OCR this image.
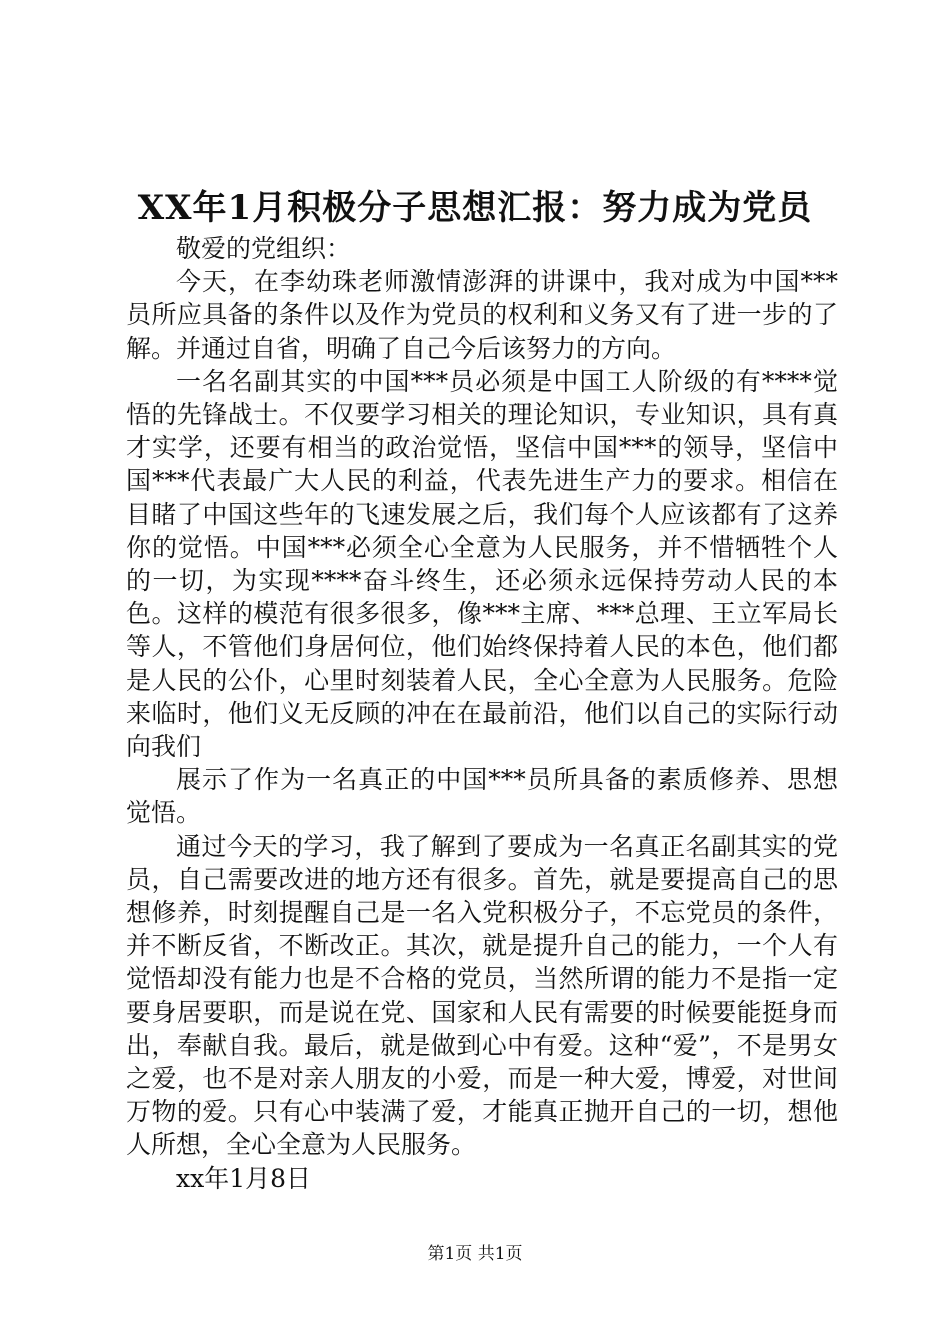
XX年1月积极分子思想汇报：努力成为党员

敬爱的党组织：

今天，在李幼珠老师激情澎湃的讲课中，我对成为中国***员所应具备的条件以及作为党员的权利和义务又有了进一步的了解。并通过自省，明确了自己今后该努力的方向。

一名名副其实的中国***员必须是中国工人阶级的有****觉悟的先锋战士。不仅要学习相关的理论知识，专业知识，具有真才实学，还要有相当的政治觉悟，坚信中国***的领导，坚信中国***代表最广大人民的利益，代表先进生产力的要求。相信在目睹了中国这些年的飞速发展之后，我们每个人应该都有了这养你的觉悟。中国***必须全心全意为人民服务，并不惜牺牲个人的一切，为实现****奋斗终生，还必须永远保持劳动人民的本色。这样的模范有很多很多，像***主席、***总理、王立军局长等人，不管他们身居何位，他们始终保持着人民的本色，他们都是人民的公仆，心里时刻装着人民，全心全意为人民服务。危险来临时，他们义无反顾的冲在在最前沿，他们以自己的实际行动向我们

展示了作为一名真正的中国***员所具备的素质修养、思想觉悟。

通过今天的学习，我了解到了要成为一名真正名副其实的党员，自己需要改进的地方还有很多。首先，就是要提高自己的思想修养，时刻提醒自己是一名入党积极分子，不忘党员的条件，并不断反省，不断改正。其次，就是提升自己的能力，一个人有觉悟却没有能力也是不合格的党员，当然所谓的能力不是指一定要身居要职，而是说在党、国家和人民有需要的时候要能挺身而出，奉献自我。最后，就是做到心中有爱。这种“爱”，不是男女之爱，也不是对亲人朋友的小爱，而是一种大爱，博爱，对世间万物的爱。只有心中装满了爱，才能真正抛开自己的一切，想他人所想，全心全意为人民服务。

xx年1月8日

第1页 共1页
